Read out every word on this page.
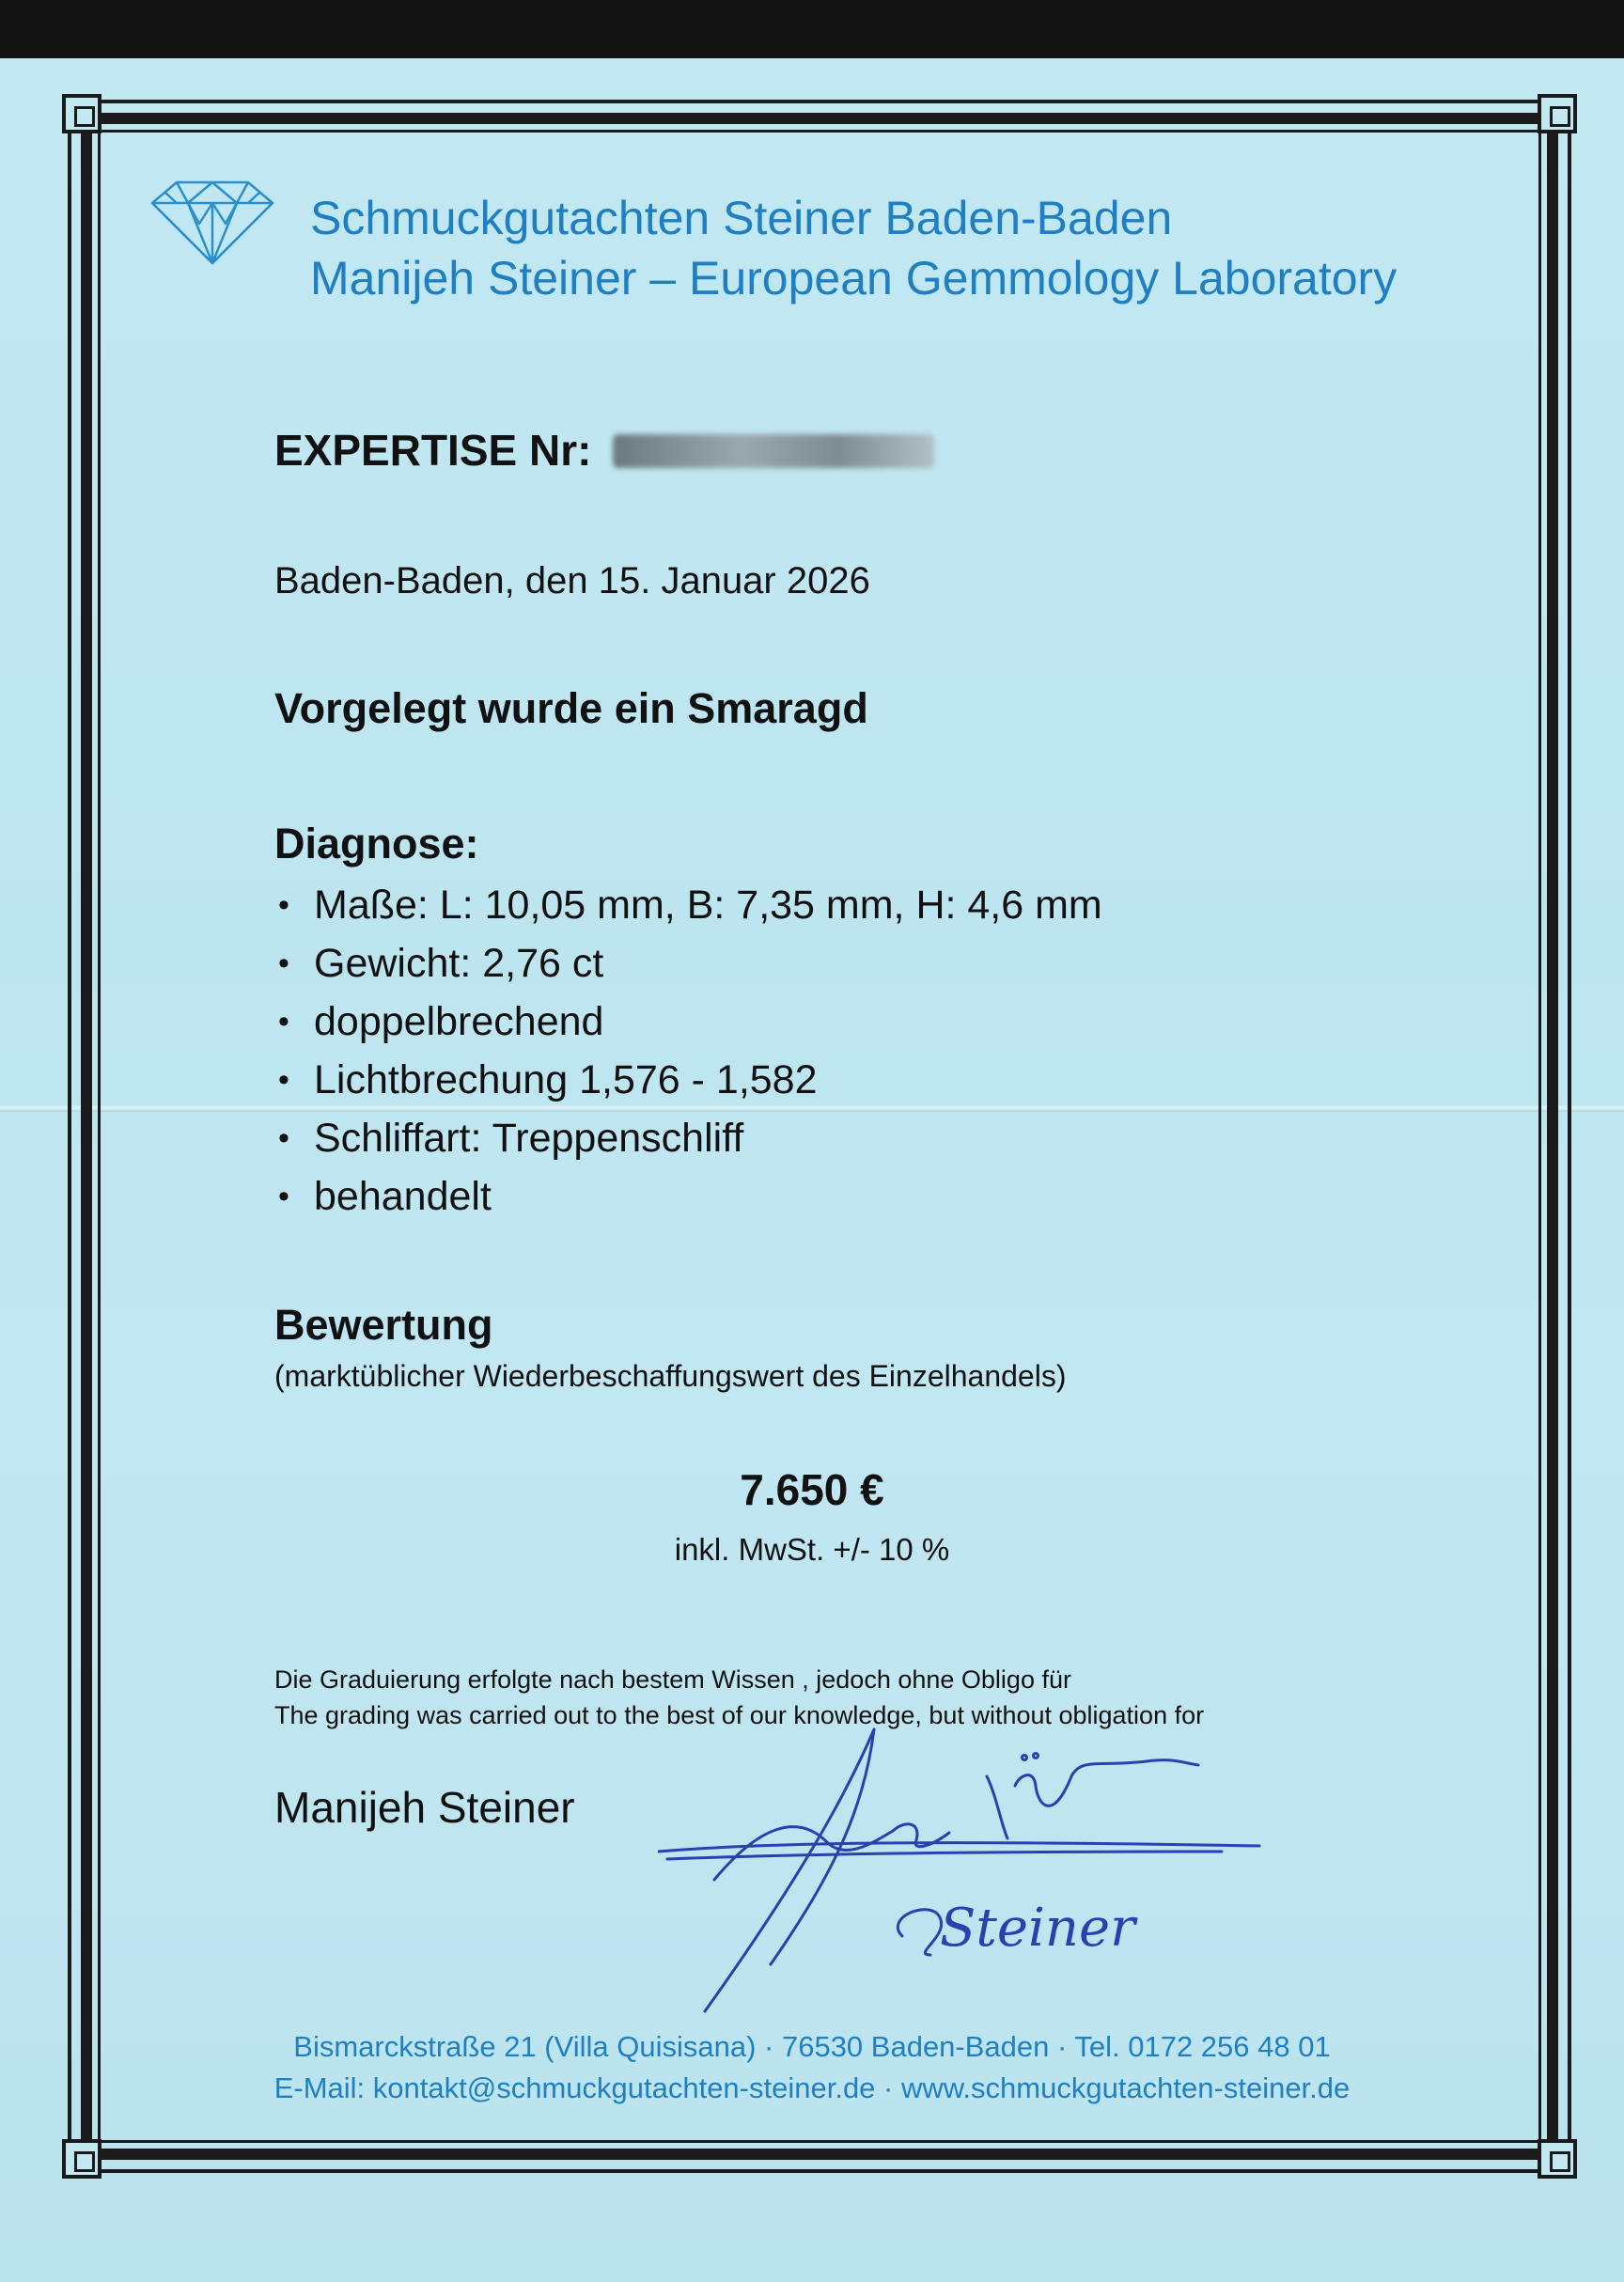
Schmuckgutachten Steiner Baden-Baden
Manijeh Steiner – European Gemmology Laboratory
EXPERTISE Nr:
Baden-Baden, den 15. Januar 2026
Vorgelegt wurde ein Smaragd
Diagnose:
• Maße: L: 10,05 mm, B: 7,35 mm, H: 4,6 mm
• Gewicht: 2,76 ct
• doppelbrechend
• Lichtbrechung 1,576 - 1,582
• Schliffart: Treppenschliff
• behandelt
Bewertung
(marktüblicher Wiederbeschaffungswert des Einzelhandels)
7.650 €
inkl. MwSt. +/- 10 %
Die Graduierung erfolgte nach bestem Wissen , jedoch ohne Obligo für
The grading was carried out to the best of our knowledge, but without obligation for
Manijeh Steiner
Steiner
Bismarckstraße 21 (Villa Quisisana) · 76530 Baden-Baden · Tel. 0172 256 48 01
E-Mail: kontakt@schmuckgutachten-steiner.de · www.schmuckgutachten-steiner.de
